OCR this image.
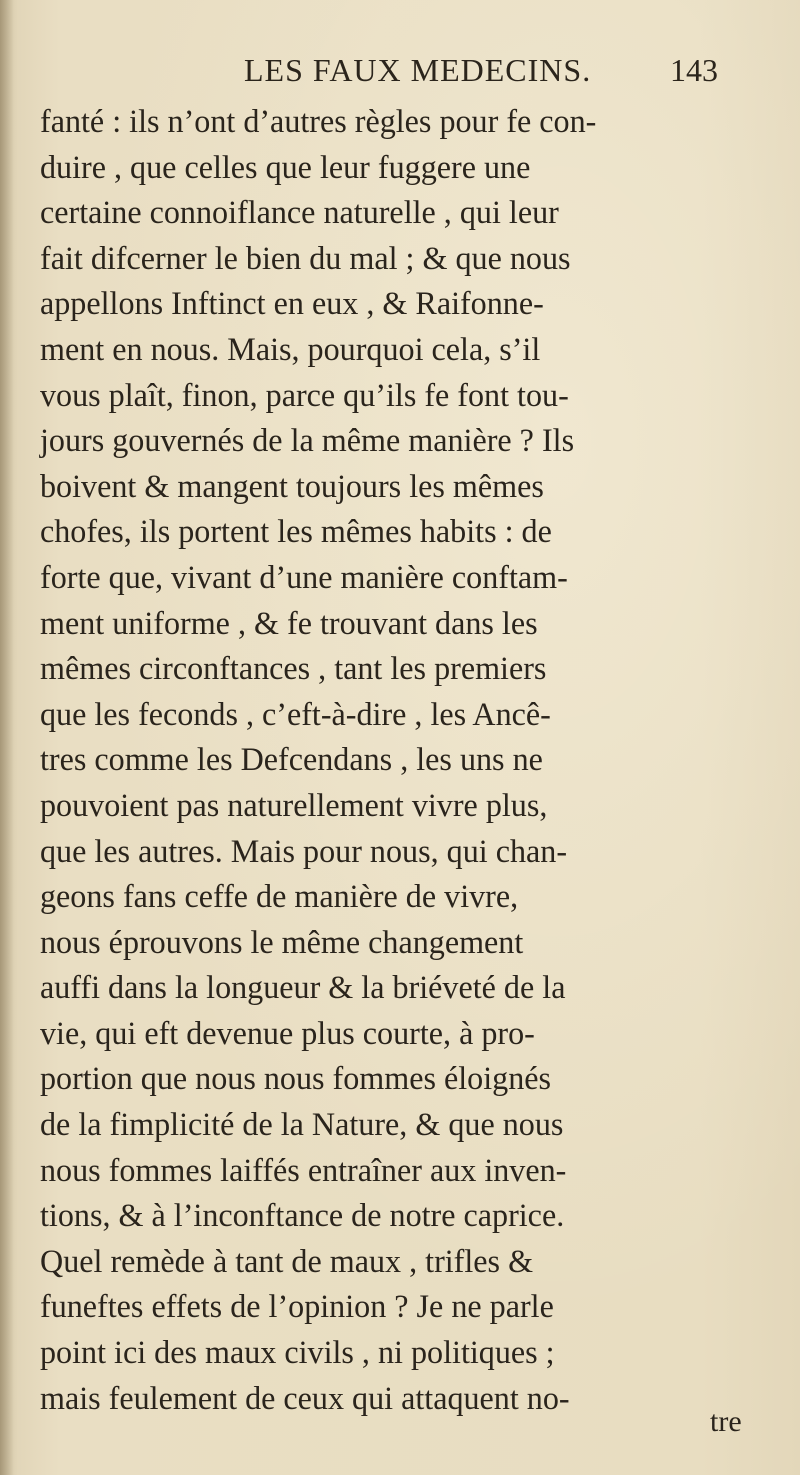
LES FAUX MEDECINS. 143
fanté : ils n’ont d’autres règles pour fe con-
duire , que celles que leur fuggere une
certaine connoiflance naturelle , qui leur
fait difcerner le bien du mal ; & que nous
appellons Inftinct en eux , & Raifonne-
ment en nous. Mais, pourquoi cela, s’il
vous plaît, finon, parce qu’ils fe font tou-
jours gouvernés de la même manière ? Ils
boivent & mangent toujours les mêmes
chofes, ils portent les mêmes habits : de
forte que, vivant d’une manière conftam-
ment uniforme , & fe trouvant dans les
mêmes circonftances , tant les premiers
que les feconds , c’eft-à-dire , les Ancê-
tres comme les Defcendans , les uns ne
pouvoient pas naturellement vivre plus,
que les autres. Mais pour nous, qui chan-
geons fans ceffe de manière de vivre,
nous éprouvons le même changement
auffi dans la longueur & la briéveté de la
vie, qui eft devenue plus courte, à pro-
portion que nous nous fommes éloignés
de la fimplicité de la Nature, & que nous
nous fommes laiffés entraîner aux inven-
tions, & à l’inconftance de notre caprice.
Quel remède à tant de maux , trifles &
funeftes effets de l’opinion ? Je ne parle
point ici des maux civils , ni politiques ;
mais feulement de ceux qui attaquent no-
tre
